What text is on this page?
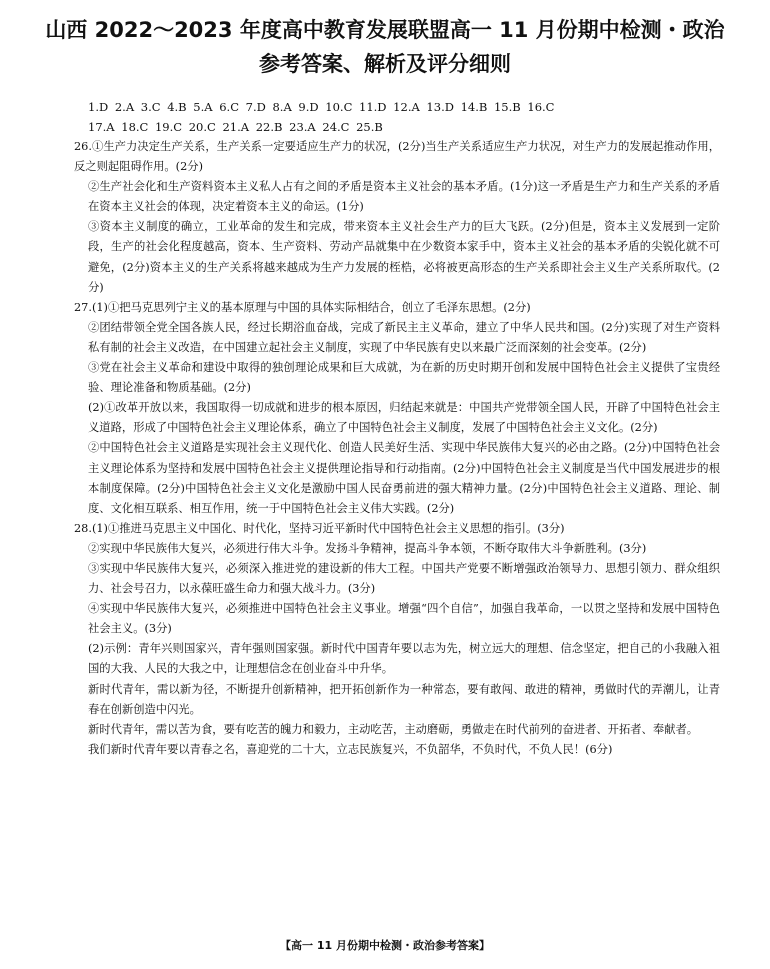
山西 2022～2023 年度高中教育发展联盟高一 11 月份期中检测・政治
参考答案、解析及评分细则
1.D 2.A 3.C 4.B 5.A 6.C 7.D 8.A 9.D 10.C 11.D 12.A 13.D 14.B 15.B 16.C
17.A 18.C 19.C 20.C 21.A 22.B 23.A 24.C 25.B

26.①生产力决定生产关系，生产关系一定要适应生产力的状况，(2分)当生产关系适应生产力状况，对生产力的发展起推动作用，反之则起阻碍作用。(2分)

②生产社会化和生产资料资本主义私人占有之间的矛盾是资本主义社会的基本矛盾。(1分)这一矛盾是生产力和生产关系的矛盾在资本主义社会的体现，决定着资本主义的命运。(1分)

③资本主义制度的确立，工业革命的发生和完成，带来资本主义社会生产力的巨大飞跃。(2分)但是，资本主义发展到一定阶段，生产的社会化程度越高，资本、生产资料、劳动产品就集中在少数资本家手中，资本主义社会的基本矛盾的尖锐化就不可避免，(2分)资本主义的生产关系将越来越成为生产力发展的桎梏，必将被更高形态的生产关系即社会主义生产关系所取代。(2分)

27.(1)①把马克思列宁主义的基本原理与中国的具体实际相结合，创立了毛泽东思想。(2分)

②团结带领全党全国各族人民，经过长期浴血奋战，完成了新民主主义革命，建立了中华人民共和国。(2分)实现了对生产资料私有制的社会主义改造，在中国建立起社会主义制度，实现了中华民族有史以来最广泛而深刻的社会变革。(2分)

③党在社会主义革命和建设中取得的独创理论成果和巨大成就，为在新的历史时期开创和发展中国特色社会主义提供了宝贵经验、理论准备和物质基础。(2分)

(2)①改革开放以来，我国取得一切成就和进步的根本原因，归结起来就是：中国共产党带领全国人民，开辟了中国特色社会主义道路，形成了中国特色社会主义理论体系，确立了中国特色社会主义制度，发展了中国特色社会主义文化。(2分)

②中国特色社会主义道路是实现社会主义现代化、创造人民美好生活、实现中华民族伟大复兴的必由之路。(2分)中国特色社会主义理论体系为坚持和发展中国特色社会主义提供理论指导和行动指南。(2分)中国特色社会主义制度是当代中国发展进步的根本制度保障。(2分)中国特色社会主义文化是激励中国人民奋勇前进的强大精神力量。(2分)中国特色社会主义道路、理论、制度、文化相互联系、相互作用，统一于中国特色社会主义伟大实践。(2分)

28.(1)①推进马克思主义中国化、时代化，坚持习近平新时代中国特色社会主义思想的指引。(3分)

②实现中华民族伟大复兴，必须进行伟大斗争。发扬斗争精神，提高斗争本领，不断夺取伟大斗争新胜利。(3分)

③实现中华民族伟大复兴，必须深入推进党的建设新的伟大工程。中国共产党要不断增强政治领导力、思想引领力、群众组织力、社会号召力，以永葆旺盛生命力和强大战斗力。(3分)

④实现中华民族伟大复兴，必须推进中国特色社会主义事业。增强“四个自信”，加强自我革命，一以贯之坚持和发展中国特色社会主义。(3分)

(2)示例：青年兴则国家兴，青年强则国家强。新时代中国青年要以志为先，树立远大的理想、信念坚定，把自己的小我融入祖国的大我、人民的大我之中，让理想信念在创业奋斗中升华。

新时代青年，需以新为径，不断提升创新精神，把开拓创新作为一种常态，要有敢闯、敢进的精神，勇做时代的弄潮儿，让青春在创新创造中闪光。

新时代青年，需以苦为食，要有吃苦的魄力和毅力，主动吃苦，主动磨砺，勇做走在时代前列的奋进者、开拓者、奉献者。

我们新时代青年要以青春之名，喜迎党的二十大，立志民族复兴，不负韶华，不负时代，不负人民！(6分)

【高一 11 月份期中检测・政治参考答案】
